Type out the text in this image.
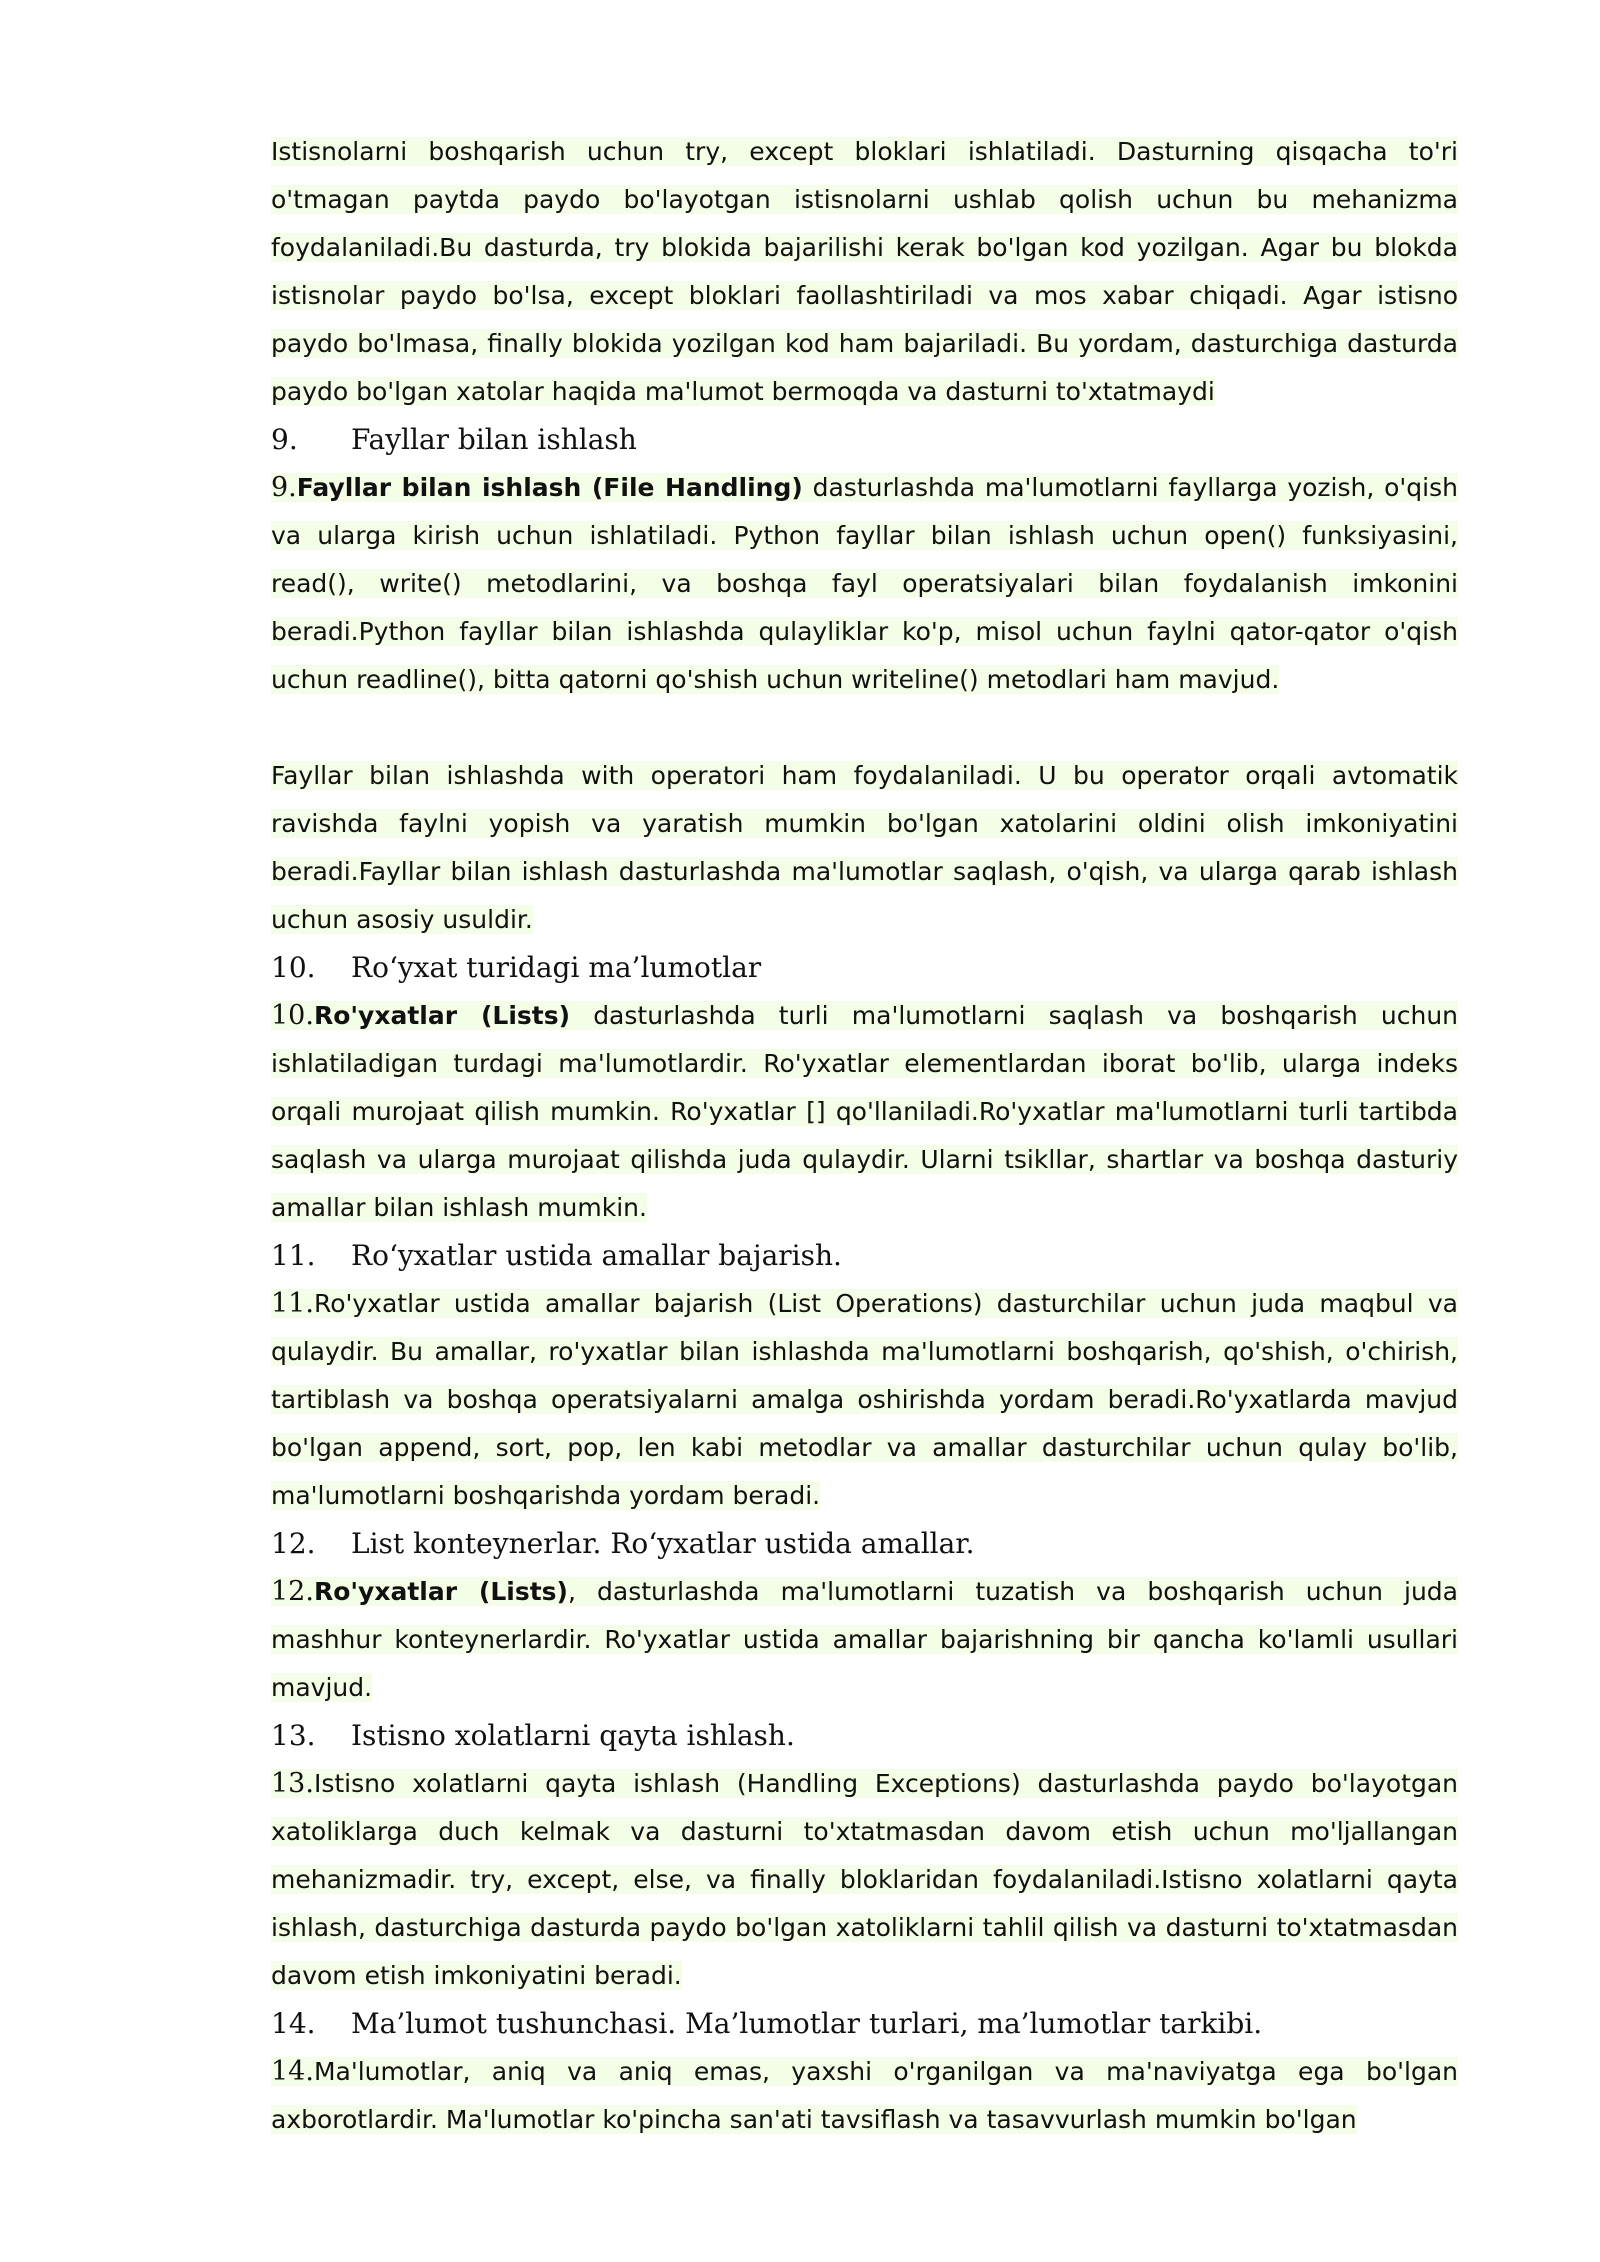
Istisnolarni boshqarish uchun try, except bloklari ishlatiladi. Dasturning qisqacha to'ri o'tmagan paytda paydo bo'layotgan istisnolarni ushlab qolish uchun bu mehanizma foydalaniladi.Bu dasturda, try blokida bajarilishi kerak bo'lgan kod yozilgan. Agar bu blokda istisnolar paydo bo'lsa, except bloklari faollashtiriladi va mos xabar chiqadi. Agar istisno paydo bo'lmasa, finally blokida yozilgan kod ham bajariladi. Bu yordam, dasturchiga dasturda paydo bo'lgan xatolar haqida ma'lumot bermoqda va dasturni to'xtatmaydi

9.	Fayllar bilan ishlash

9.Fayllar bilan ishlash (File Handling) dasturlashda ma'lumotlarni fayllarga yozish, o'qish va ularga kirish uchun ishlatiladi. Python fayllar bilan ishlash uchun open() funksiyasini, read(), write() metodlarini, va boshqa fayl operatsiyalari bilan foydalanish imkonini beradi.Python fayllar bilan ishlashda qulayliklar ko'p, misol uchun faylni qator-qator o'qish uchun readline(), bitta qatorni qo'shish uchun writeline() metodlari ham mavjud.

Fayllar bilan ishlashda with operatori ham foydalaniladi. U bu operator orqali avtomatik ravishda faylni yopish va yaratish mumkin bo'lgan xatolarini oldini olish imkoniyatini beradi.Fayllar bilan ishlash dasturlashda ma'lumotlar saqlash, o'qish, va ularga qarab ishlash uchun asosiy usuldir.

10.	Ro‘yxat turidagi ma’lumotlar

10.Ro'yxatlar (Lists) dasturlashda turli ma'lumotlarni saqlash va boshqarish uchun ishlatiladigan turdagi ma'lumotlardir. Ro'yxatlar elementlardan iborat bo'lib, ularga indeks orqali murojaat qilish mumkin. Ro'yxatlar [] qo'llaniladi.Ro'yxatlar ma'lumotlarni turli tartibda saqlash va ularga murojaat qilishda juda qulaydir. Ularni tsikllar, shartlar va boshqa dasturiy amallar bilan ishlash mumkin.

11.	Ro‘yxatlar ustida amallar bajarish.

11.Ro'yxatlar ustida amallar bajarish (List Operations) dasturchilar uchun juda maqbul va qulaydir. Bu amallar, ro'yxatlar bilan ishlashda ma'lumotlarni boshqarish, qo'shish, o'chirish, tartiblash va boshqa operatsiyalarni amalga oshirishda yordam beradi.Ro'yxatlarda mavjud bo'lgan append, sort, pop, len kabi metodlar va amallar dasturchilar uchun qulay bo'lib, ma'lumotlarni boshqarishda yordam beradi.

12.	List konteynerlar. Ro‘yxatlar ustida amallar.

12.Ro'yxatlar (Lists), dasturlashda ma'lumotlarni tuzatish va boshqarish uchun juda mashhur konteynerlardir. Ro'yxatlar ustida amallar bajarishning bir qancha ko'lamli usullari mavjud.

13.	Istisno xolatlarni qayta ishlash.

13.Istisno xolatlarni qayta ishlash (Handling Exceptions) dasturlashda paydo bo'layotgan xatoliklarga duch kelmak va dasturni to'xtatmasdan davom etish uchun mo'ljallangan mehanizmadir. try, except, else, va finally bloklaridan foydalaniladi.Istisno xolatlarni qayta ishlash, dasturchiga dasturda paydo bo'lgan xatoliklarni tahlil qilish va dasturni to'xtatmasdan davom etish imkoniyatini beradi.

14.	Ma’lumot tushunchasi. Ma’lumotlar turlari, ma’lumotlar tarkibi.

14.Ma'lumotlar, aniq va aniq emas, yaxshi o'rganilgan va ma'naviyatga ega bo'lgan axborotlardir. Ma'lumotlar ko'pincha san'ati tavsiflash va tasavvurlash mumkin bo'lgan
